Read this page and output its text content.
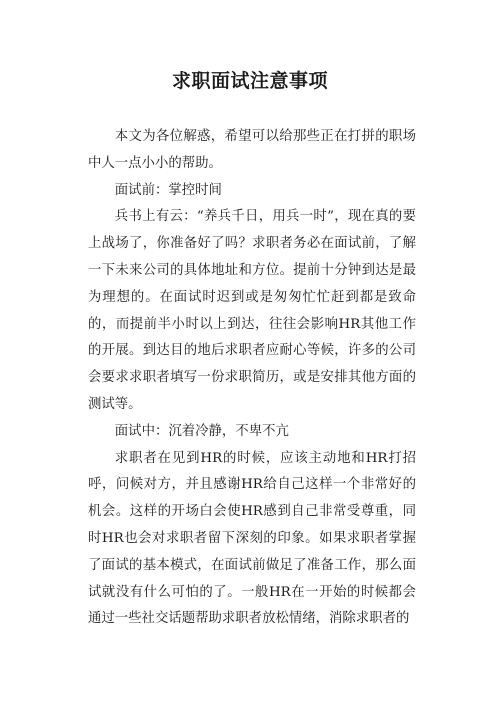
求职面试注意事项

本文为各位解惑，希望可以给那些正在打拼的职场中人一点小小的帮助。

面试前：掌控时间

兵书上有云：“养兵千日，用兵一时”，现在真的要上战场了，你准备好了吗？求职者务必在面试前，了解一下未来公司的具体地址和方位。提前十分钟到达是最为理想的。在面试时迟到或是匆匆忙忙赶到都是致命的，而提前半小时以上到达，往往会影响HR其他工作的开展。到达目的地后求职者应耐心等候，许多的公司会要求求职者填写一份求职简历，或是安排其他方面的测试等。

面试中：沉着冷静，不卑不亢

求职者在见到HR的时候，应该主动地和HR打招呼，问候对方，并且感谢HR给自己这样一个非常好的机会。这样的开场白会使HR感到自己非常受尊重，同时HR也会对求职者留下深刻的印象。如果求职者掌握了面试的基本模式，在面试前做足了准备工作，那么面试就没有什么可怕的了。一般HR在一开始的时候都会通过一些社交话题帮助求职者放松情绪，消除求职者的
